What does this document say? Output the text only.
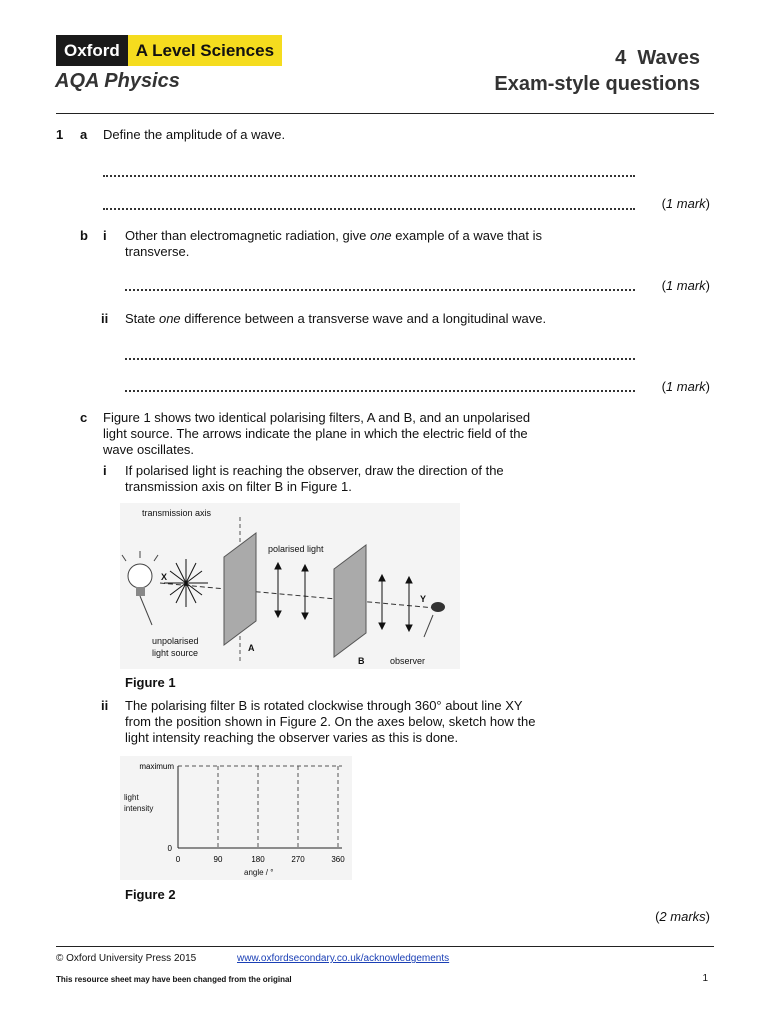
Oxford A Level Sciences
AQA Physics
4  Waves
Exam-style questions
1 a Define the amplitude of a wave.
(1 mark)
b i Other than electromagnetic radiation, give one example of a wave that is
transverse.
(1 mark)
ii State one difference between a transverse wave and a longitudinal wave.
(1 mark)
c Figure 1 shows two identical polarising filters, A and B, and an unpolarised
light source. The arrows indicate the plane in which the electric field of the
wave oscillates.
i If polarised light is reaching the observer, draw the direction of the
transmission axis on filter B in Figure 1.
transmission axis
polarised light
X
Y
unpolarised
light source	A
B	observer
Figure 1
ii The polarising filter B is rotated clockwise through 360° about line XY
from the position shown in Figure 2. On the axes below, sketch how the
light intensity reaching the observer varies as this is done.
0	90	180	270	360
0
maximum
light
intensity
angle / °
Figure 2
(2 marks)
© Oxford University Press 2015	www.oxfordsecondary.co.uk/acknowledgements
This resource sheet may have been changed from the original	1
